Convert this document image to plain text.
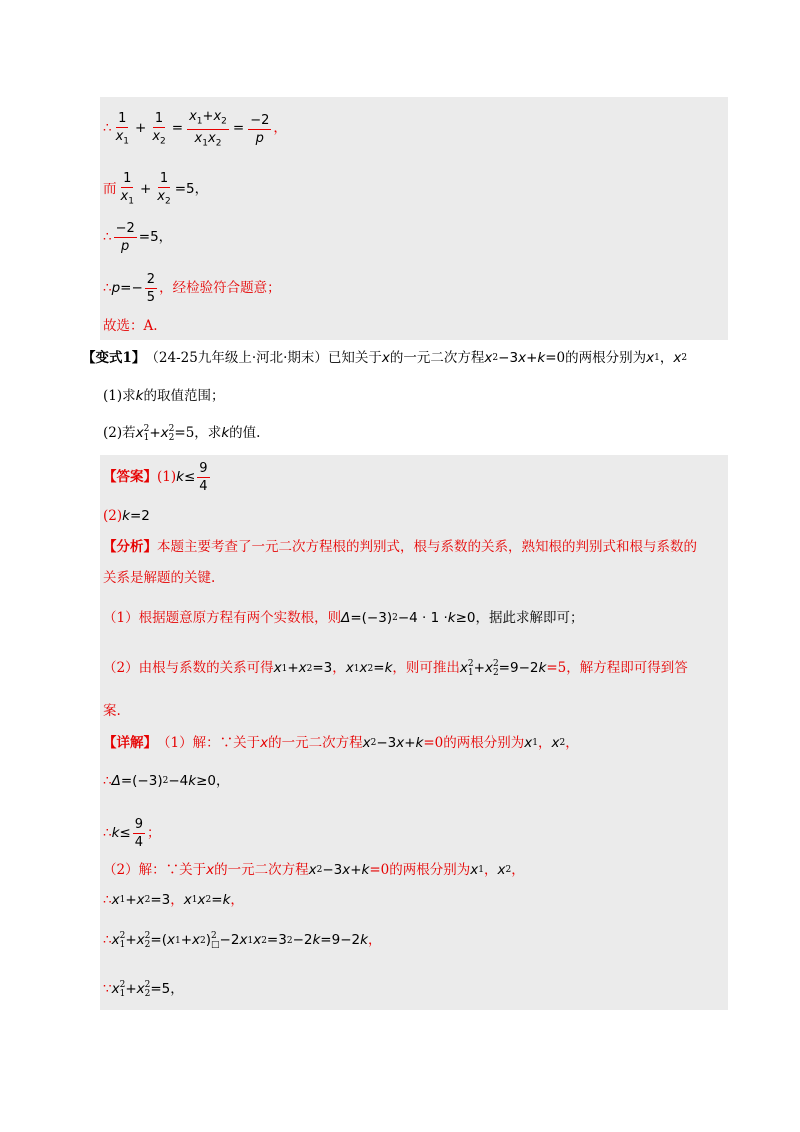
∴ $\frac{1}{x_1} + \frac{1}{x_2} = \frac{x_1+x_2}{x_1x_2} = \frac{-2}{p}$ ，
而 $\frac{1}{x_1} + \frac{1}{x_2} =5$，
∴ $\frac{-2}{p} =5$，
∴ $p =- \frac{2}{5}$ ， 经检验符合题意；
故选：A.
【变式1】 （24-25九年级上·河北·期末）已知关于 x 的一元二次方程 x 2 −3 x + k =0的两根分别为 x 1 ， x 2
(1)求 k 的取值范围；
(2)若 x 2
1 + x 2
2 =5，求 k 的值.
【答案】 (1) $k \le \frac{9}{4}$
(2) k =2
【分析】 本题主要考查了一元二次方程根的判别式，根与系数的关系，熟知根的判别式和根与系数的
关系是解题的关键.
（1）根据题意原方程有两个实数根，则 Δ = (−3) 2 −4 · 1 · k ≥0，据此求解即可；
（2）由根与系数的关系可得 x 1 + x 2 =3 ， x 1 x 2 = k ，则可推出 x 2
1 + x 2
2 =9−2 k =5，解方程即可得到答
案.
【详解】 （1）解：∵关于 x 的一元二次方程 x 2 −3 x + k =0的两根分别为 x 1 ， x 2 ，
∴ Δ = (−3) 2 −4 k ≥0，
∴ $k \le \frac{9}{4}$ ；
（2）解：∵关于 x 的一元二次方程 x 2 −3 x + k =0的两根分别为 x 1 ， x 2 ，
∴ x 1 + x 2 =3 ， x 1 x 2 = k ，
∴ x 2
1 + x 2
2 = ( x 1 + x 2 ) 2
□ −2 x 1 x 2 =3 2 −2 k =9−2 k ，
∵ x 2
1 + x 2
2 =5，
